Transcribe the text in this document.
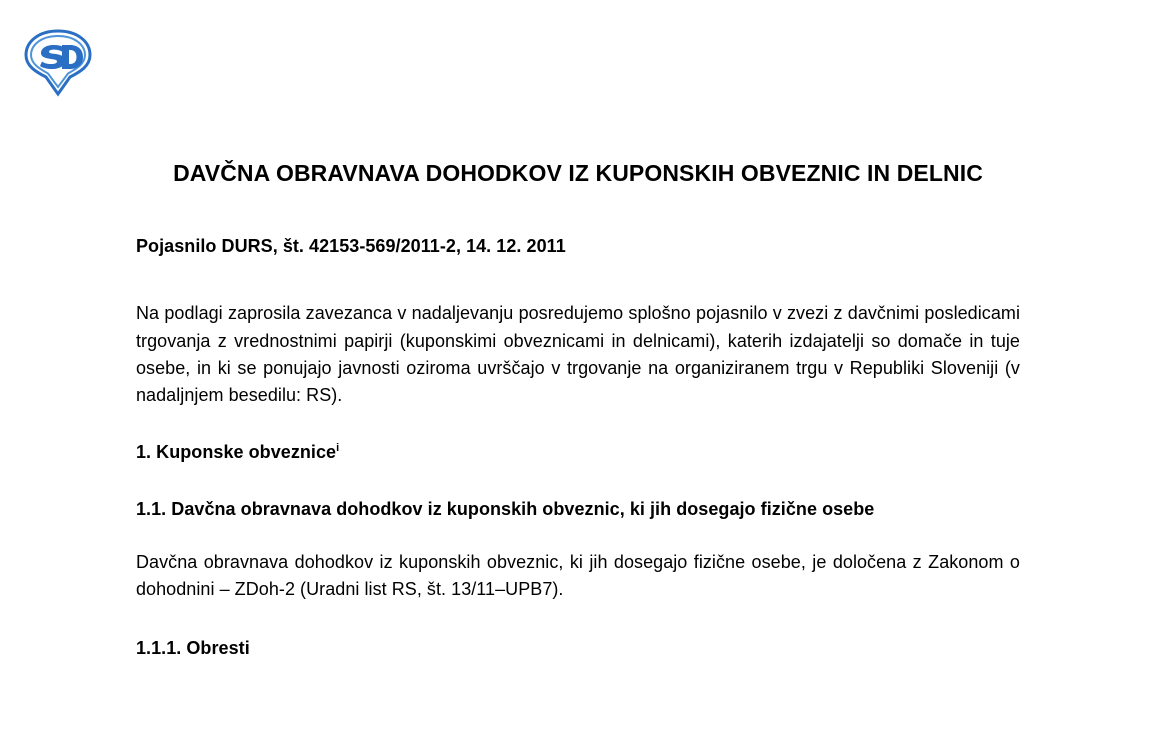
DAVČNA OBRAVNAVA DOHODKOV IZ KUPONSKIH OBVEZNIC IN DELNIC
Pojasnilo DURS, št. 42153-569/2011-2, 14. 12. 2011

Na podlagi zaprosila zavezanca v nadaljevanju posredujemo splošno pojasnilo v zvezi z davčnimi posledicami trgovanja z vrednostnimi papirji (kuponskimi obveznicami in delnicami), katerih izdajatelji so domače in tuje osebe, in ki se ponujajo javnosti oziroma uvrščajo v trgovanje na organiziranem trgu v Republiki Sloveniji (v nadaljnjem besedilu: RS).

1. Kuponske obveznice$^i$
1.1. Davčna obravnava dohodkov iz kuponskih obveznic, ki jih dosegajo fizične osebe

Davčna obravnava dohodkov iz kuponskih obveznic, ki jih dosegajo fizične osebe, je določena z Zakonom o dohodnini – ZDoh-2 (Uradni list RS, št. 13/11–UPB7).

1.1.1. Obresti
